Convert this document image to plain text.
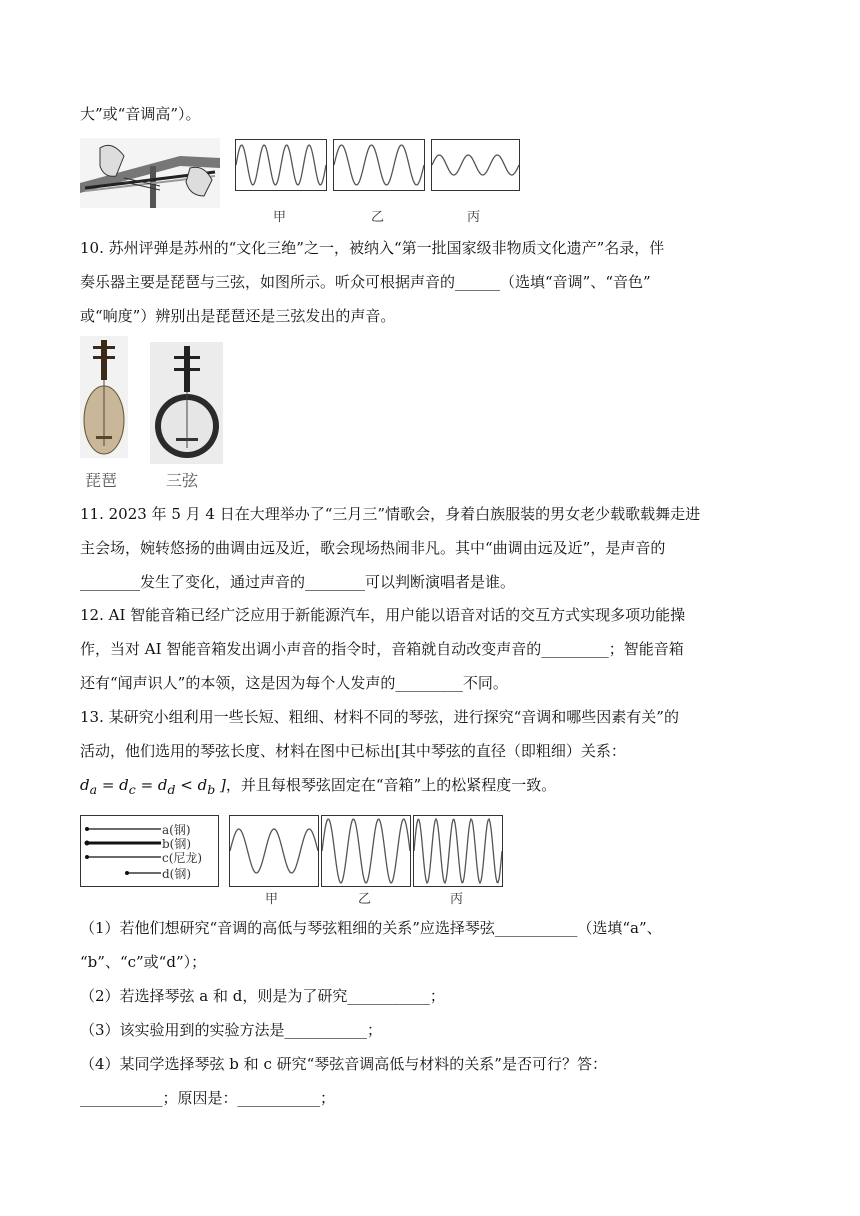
大”或“音调高”）。
甲	乙	丙
10. 苏州评弹是苏州的“文化三绝”之一，被纳入“第一批国家级非物质文化遗产”名录，伴
奏乐器主要是琵琶与三弦，如图所示。听众可根据声音的______（选填“音调”、“音色”
或“响度”）辨别出是琵琶还是三弦发出的声音。
琵琶	三弦
11. 2023 年 5 月 4 日在大理举办了“三月三”情歌会，身着白族服装的男女老少载歌载舞走进
主会场，婉转悠扬的曲调由远及近，歌会现场热闹非凡。其中“曲调由远及近”，是声音的
________发生了变化，通过声音的________可以判断演唱者是谁。
12. AI 智能音箱已经广泛应用于新能源汽车，用户能以语音对话的交互方式实现多项功能操
作，当对 AI 智能音箱发出调小声音的指令时，音箱就自动改变声音的_________；智能音箱
还有“闻声识人”的本领，这是因为每个人发声的_________不同。
13. 某研究小组利用一些长短、粗细、材料不同的琴弦，进行探究“音调和哪些因素有关”的
活动，他们选用的琴弦长度、材料在图中已标出[其中琴弦的直径（即粗细）关系：
$d_a = d_c = d_d < d_b$ ]，并且每根琴弦固定在“音箱”上的松紧程度一致。
a(钢)
b(钢)
c(尼龙)
d(钢)
甲	乙	丙
（1）若他们想研究“音调的高低与琴弦粗细的关系”应选择琴弦___________（选填“a”、
“b”、“c”或“d”）；
（2）若选择琴弦 a 和 d，则是为了研究___________；
（3）该实验用到的实验方法是___________；
（4）某同学选择琴弦 b 和 c 研究“琴弦音调高低与材料的关系”是否可行？答：
___________；原因是：___________；
